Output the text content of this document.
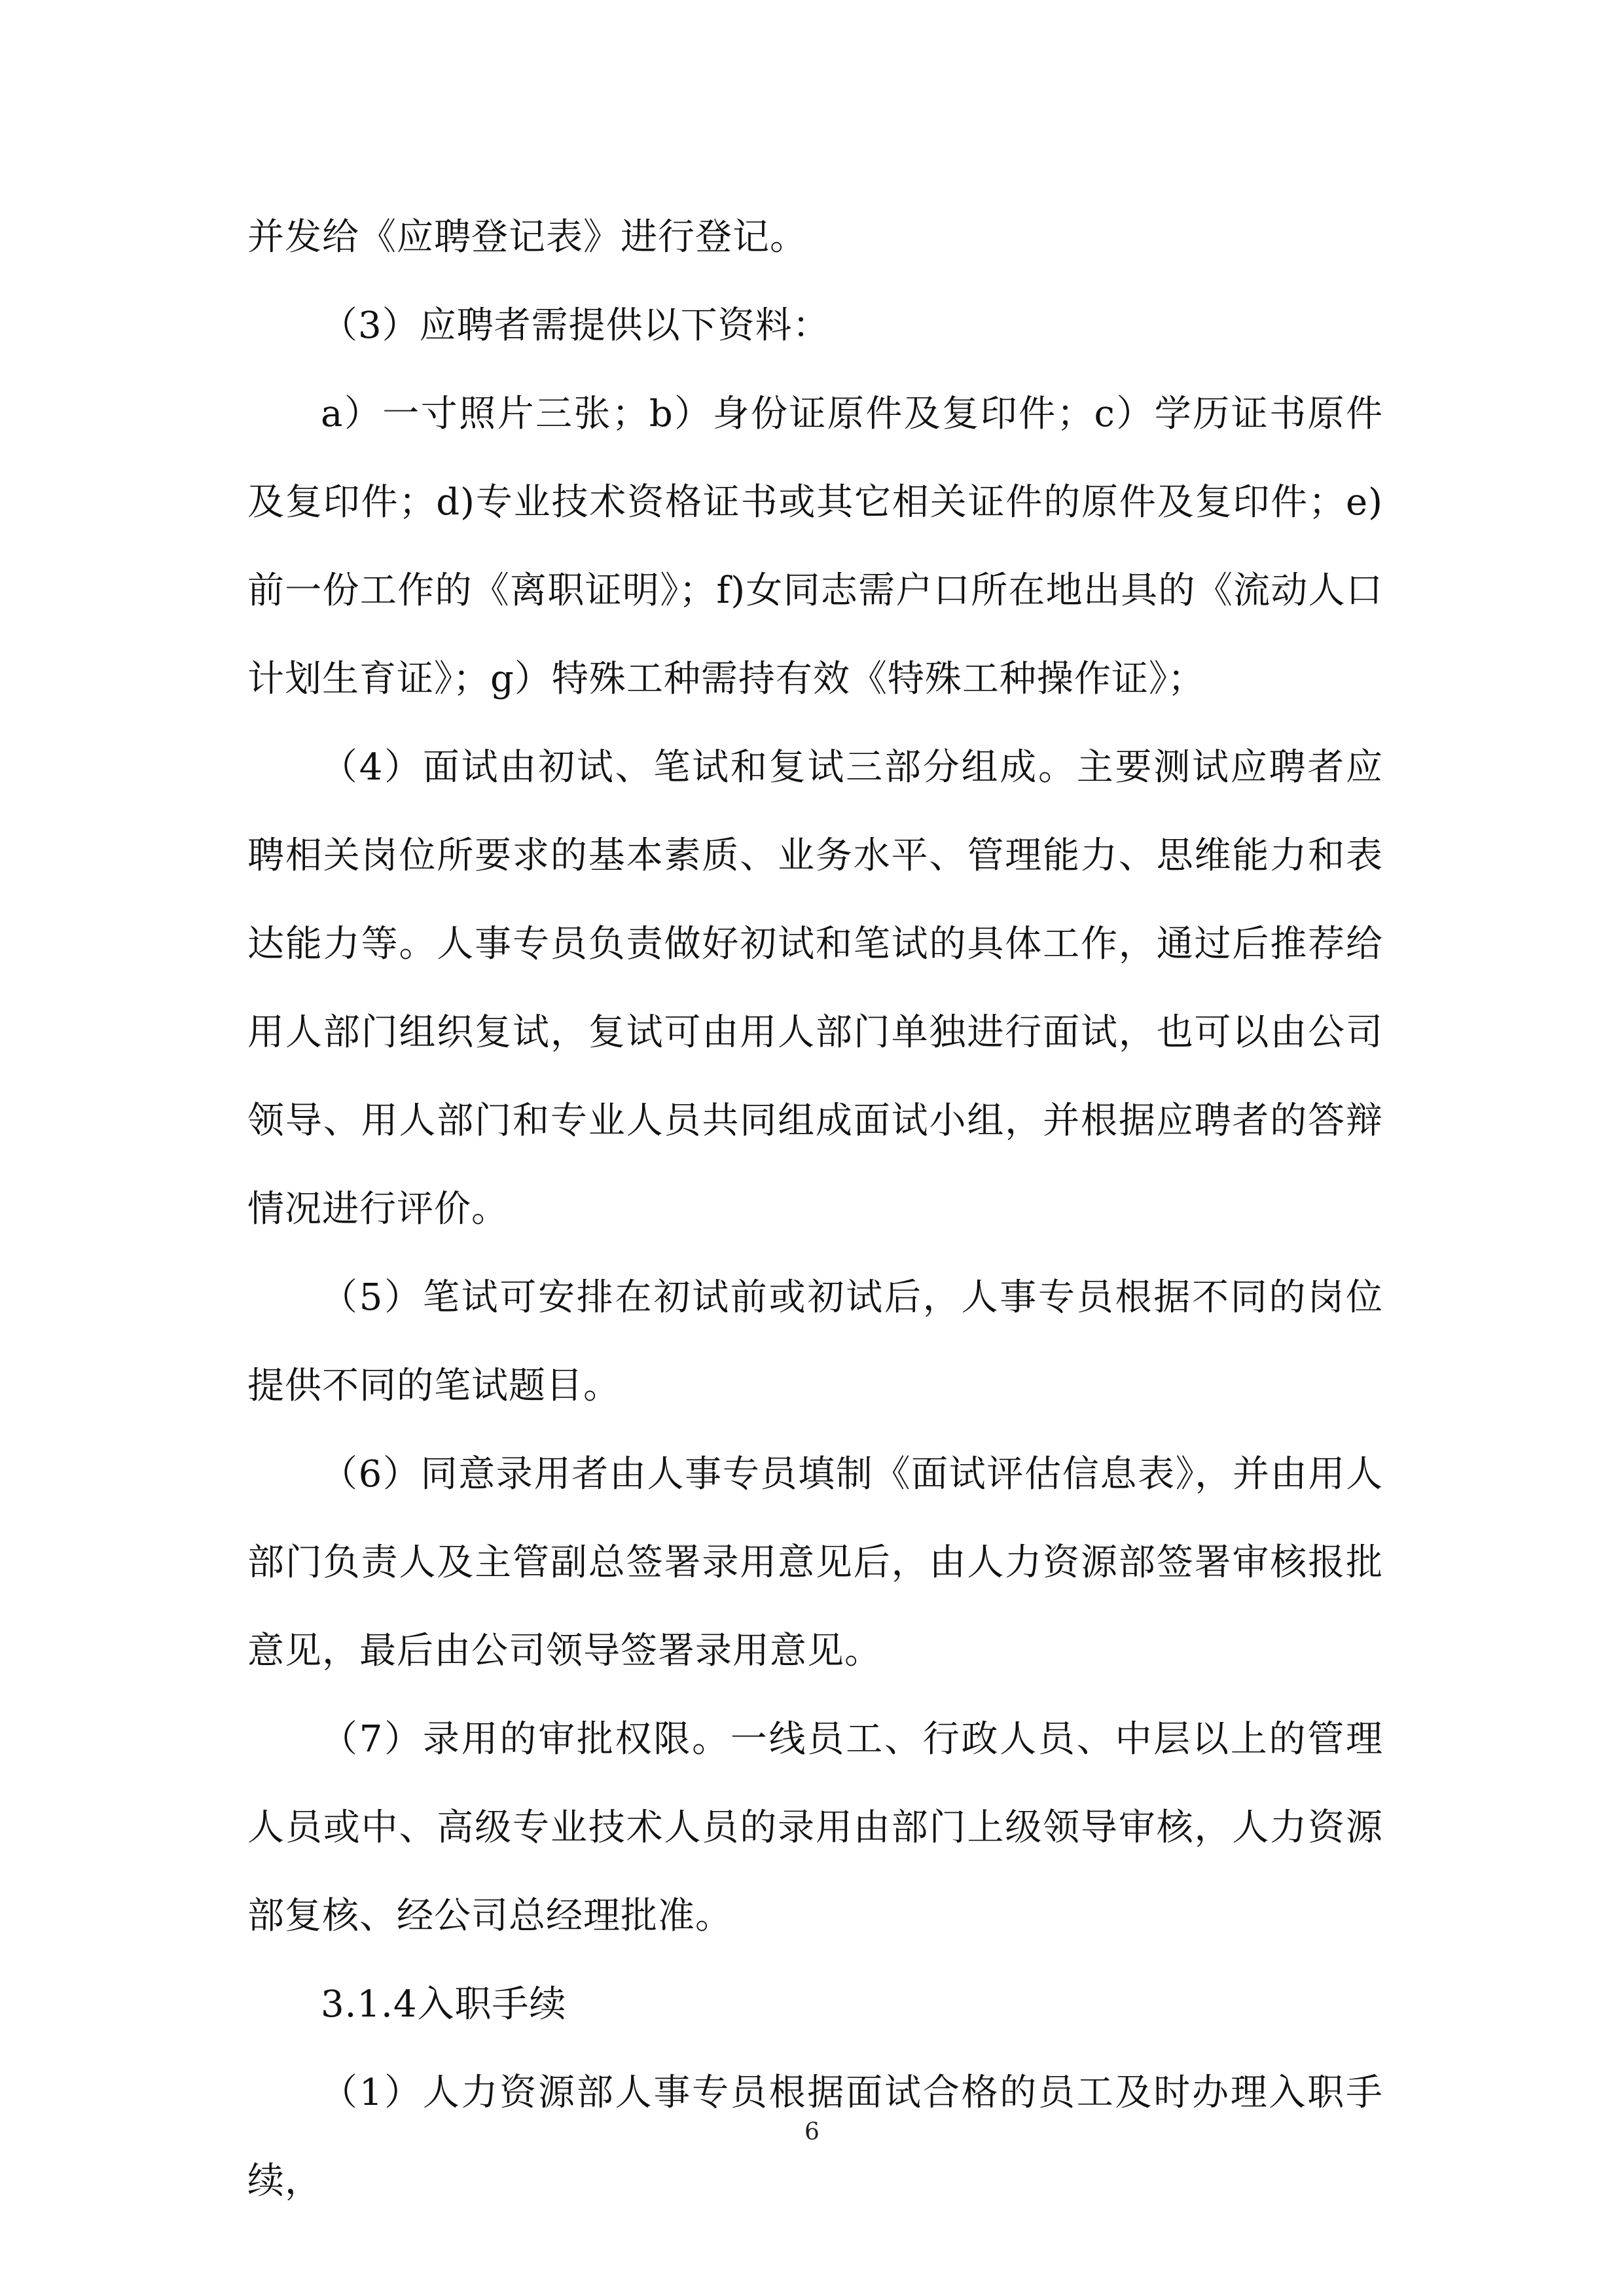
并发给《应聘登记表》进行登记。

（3）应聘者需提供以下资料：

a）一寸照片三张；b）身份证原件及复印件；c）学历证书原件及复印件；d)专业技术资格证书或其它相关证件的原件及复印件；e)前一份工作的《离职证明》；f)女同志需户口所在地出具的《流动人口计划生育证》；g）特殊工种需持有效《特殊工种操作证》；

（4）面试由初试、笔试和复试三部分组成。主要测试应聘者应聘相关岗位所要求的基本素质、业务水平、管理能力、思维能力和表达能力等。人事专员负责做好初试和笔试的具体工作，通过后推荐给用人部门组织复试，复试可由用人部门单独进行面试，也可以由公司领导、用人部门和专业人员共同组成面试小组，并根据应聘者的答辩情况进行评价。

（5）笔试可安排在初试前或初试后，人事专员根据不同的岗位提供不同的笔试题目。

（6）同意录用者由人事专员填制《面试评估信息表》，并由用人部门负责人及主管副总签署录用意见后，由人力资源部签署审核报批意见，最后由公司领导签署录用意见。

（7）录用的审批权限。一线员工、行政人员、中层以上的管理人员或中、高级专业技术人员的录用由部门上级领导审核，人力资源部复核、经公司总经理批准。

3.1.4入职手续

（1）人力资源部人事专员根据面试合格的员工及时办理入职手续，

6
